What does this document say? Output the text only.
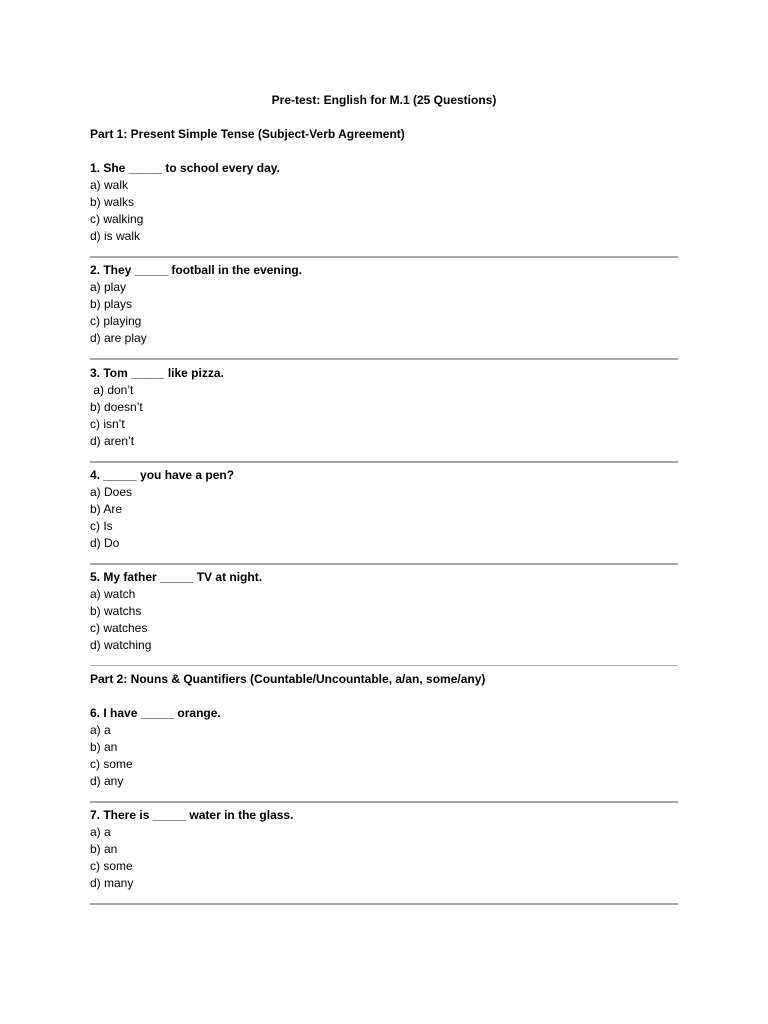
Pre-test: English for M.1 (25 Questions)
Part 1: Present Simple Tense (Subject-Verb Agreement)
1. She _____ to school every day.
a) walk
b) walks
c) walking
d) is walk
2. They _____ football in the evening.
a) play
b) plays
c) playing
d) are play
3. Tom _____ like pizza.
a) don’t
b) doesn’t
c) isn’t
d) aren’t
4. _____ you have a pen?
a) Does
b) Are
c) Is
d) Do
5. My father _____ TV at night.
a) watch
b) watchs
c) watches
d) watching
Part 2: Nouns & Quantifiers (Countable/Uncountable, a/an, some/any)
6. I have _____ orange.
a) a
b) an
c) some
d) any
7. There is _____ water in the glass.
a) a
b) an
c) some
d) many
